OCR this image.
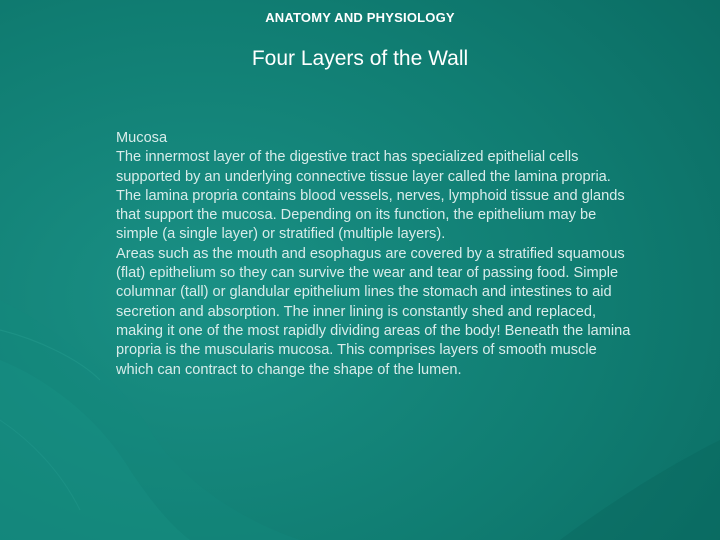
ANATOMY AND PHYSIOLOGY
Four Layers of the Wall

Mucosa

The innermost layer of the digestive tract has specialized epithelial cells supported by an underlying connective tissue layer called the lamina propria. The lamina propria contains blood vessels, nerves, lymphoid tissue and glands that support the mucosa. Depending on its function, the epithelium may be simple (a single layer) or stratified (multiple layers).

Areas such as the mouth and esophagus are covered by a stratified squamous (flat) epithelium so they can survive the wear and tear of passing food. Simple columnar (tall) or glandular epithelium lines the stomach and intestines to aid secretion and absorption. The inner lining is constantly shed and replaced, making it one of the most rapidly dividing areas of the body! Beneath the lamina propria is the muscularis mucosa. This comprises layers of smooth muscle which can contract to change the shape of the lumen.
